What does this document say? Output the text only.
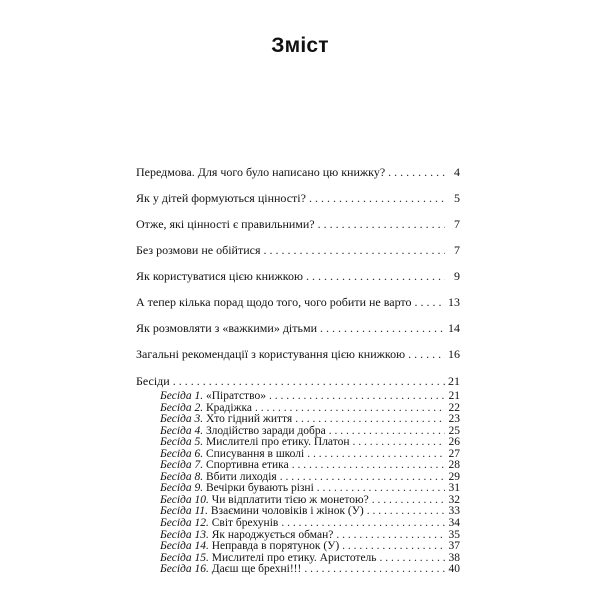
Зміст
Передмова. Для чого було написано цю книжку? . . .	4
Як у дітей формуються цінності? . . .	5
Отже, які цінності є правильними? . . .	7
Без розмови не обійтися . . .	7
Як користуватися цією книжкою . . .	9
А тепер кілька порад щодо того, чого робити не варто . . .	13
Як розмовляти з «важкими» дітьми . . .	14
Загальні рекомендації з користування цією книжкою . . .	16
Бесіди . . .	21
Бесіда 1. «Піратство» . . .	21
Бесіда 2. Крадіжка . . .	22
Бесіда 3. Хто гідний життя . . .	23
Бесіда 4. Злодійство заради добра . . .	25
Бесіда 5. Мислителі про етику. Платон . . .	26
Бесіда 6. Списування в школі . . .	27
Бесіда 7. Спортивна етика . . .	28
Бесіда 8. Вбити лиходія . . .	29
Бесіда 9. Вечірки бувають різні . . .	31
Бесіда 10. Чи відплатити тією ж монетою? . . .	32
Бесіда 11. Взаємини чоловіків і жінок (У) . . .	33
Бесіда 12. Світ брехунів . . .	34
Бесіда 13. Як народжується обман? . . .	35
Бесіда 14. Неправда в порятунок (У) . . .	37
Бесіда 15. Мислителі про етику. Аристотель . . .	38
Бесіда 16. Даєш ще брехні!!! . . .	40
